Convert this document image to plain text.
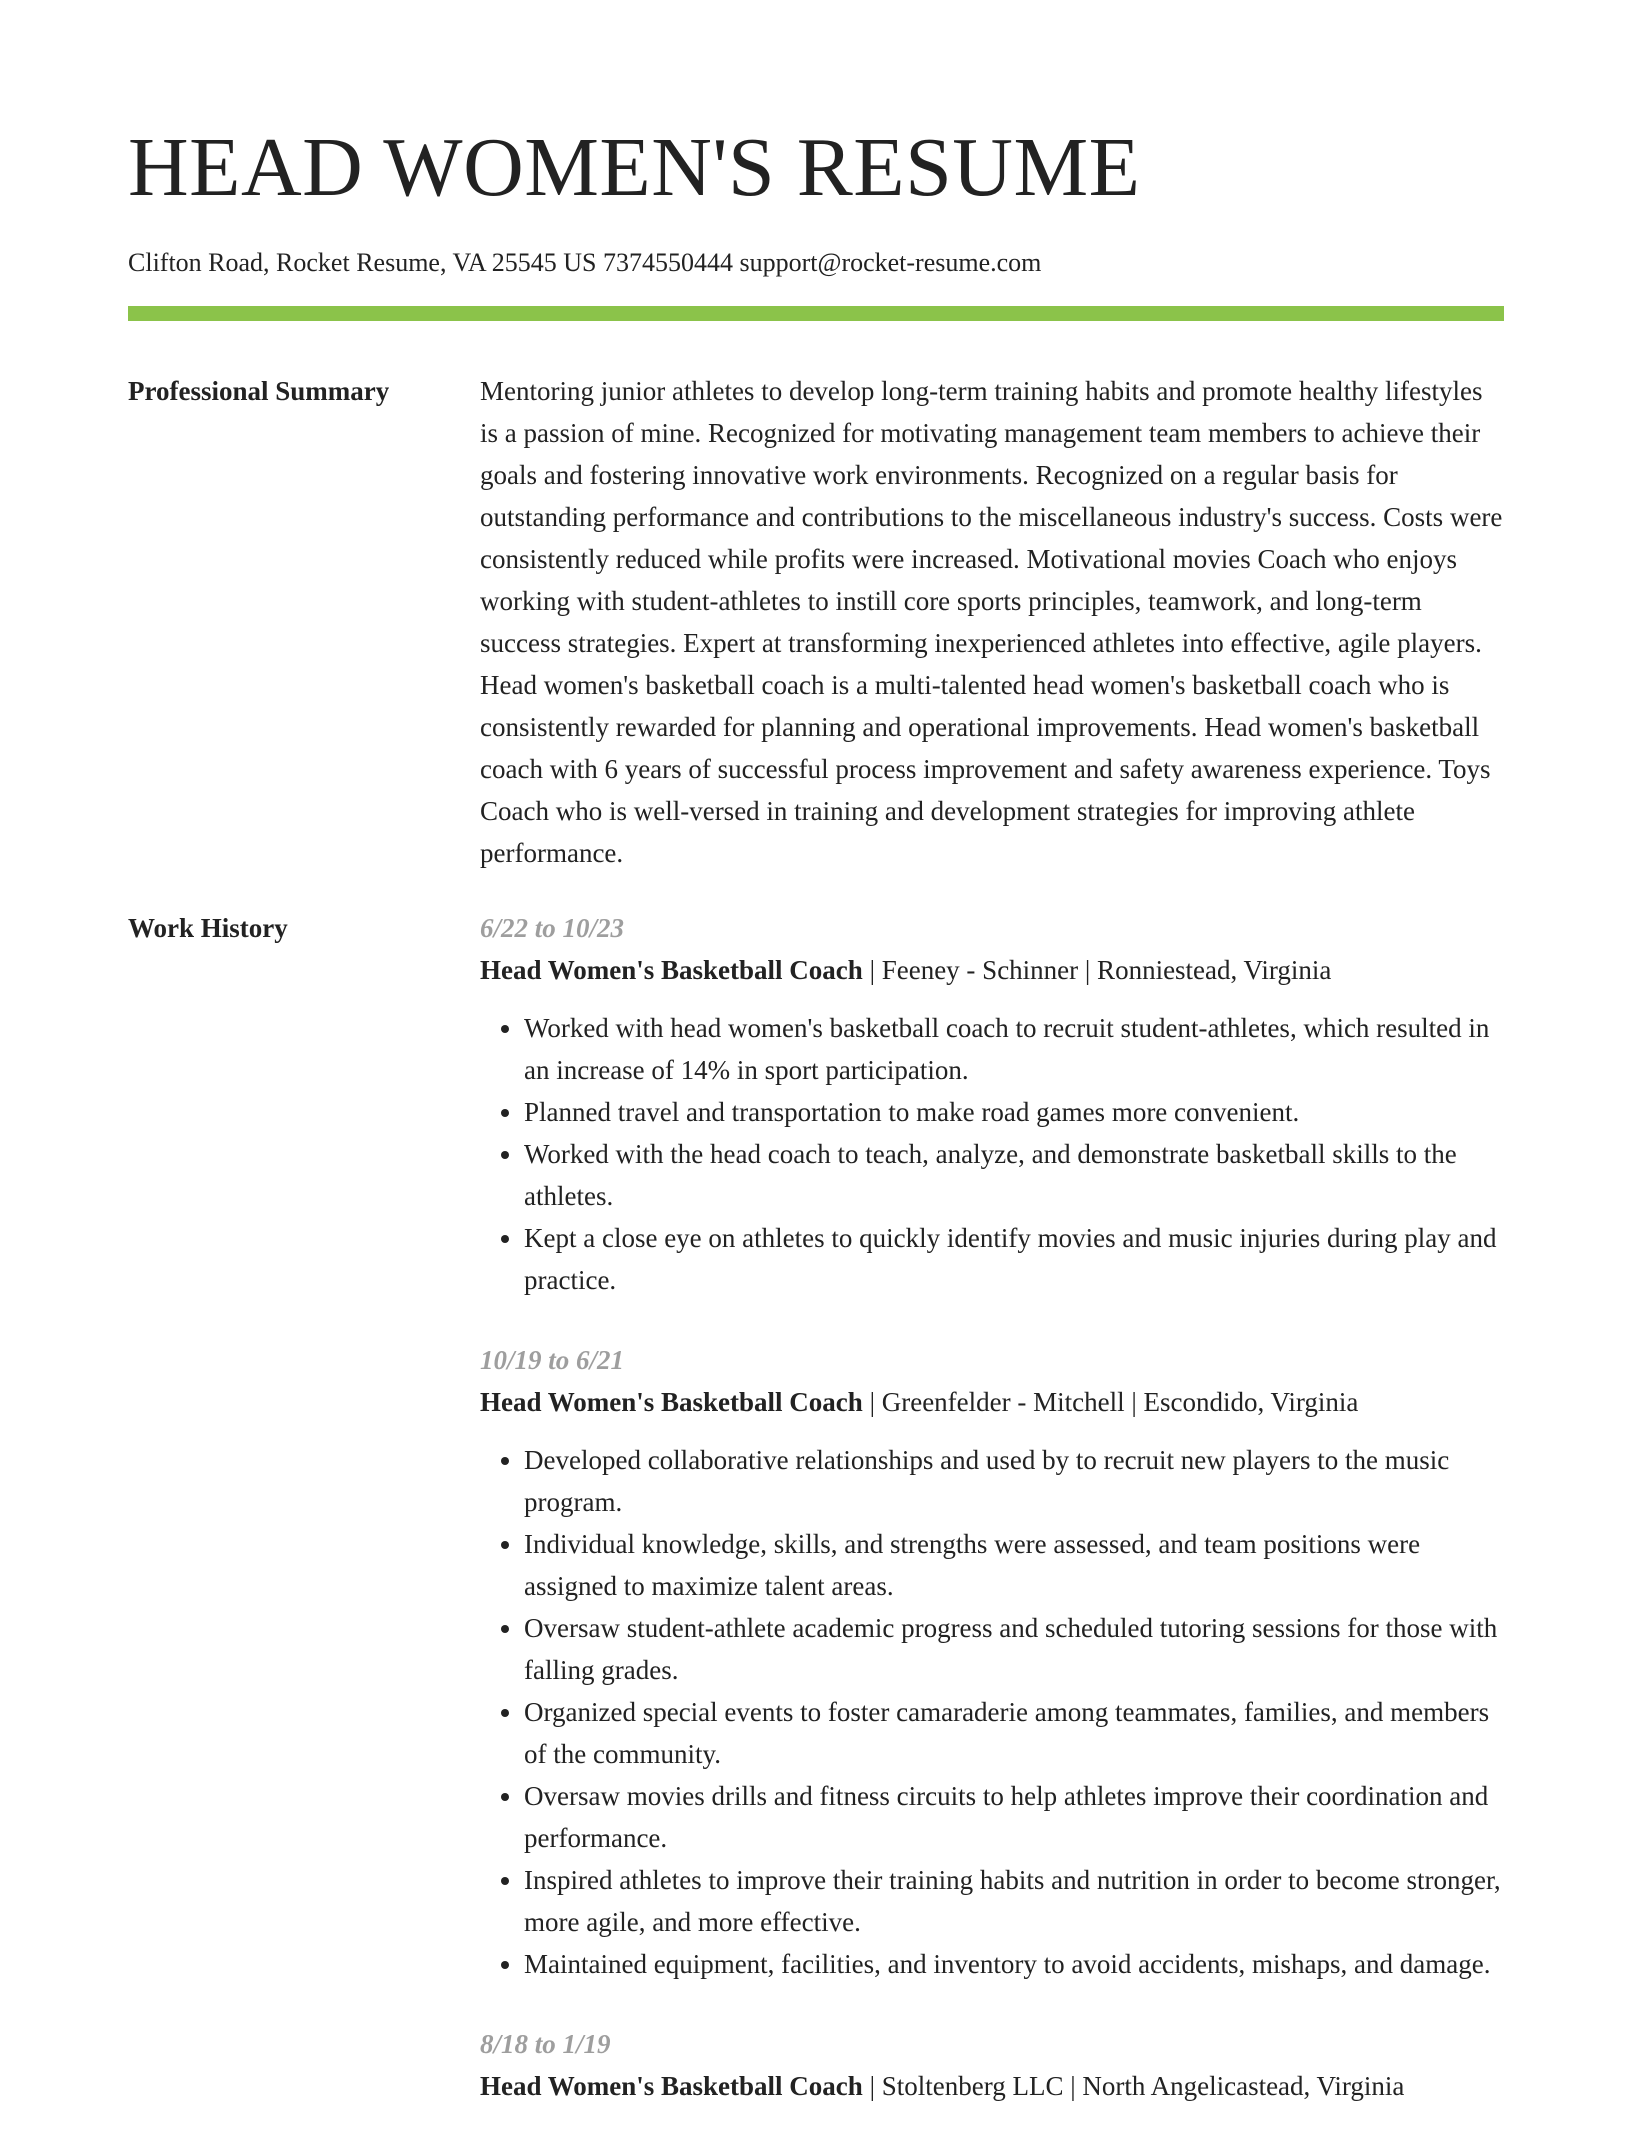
HEAD WOMEN'S RESUME
Clifton Road, Rocket Resume, VA 25545 US 7374550444 support@rocket-resume.com
Professional Summary	Mentoring junior athletes to develop long-term training habits and promote healthy lifestyles is a passion of mine. Recognized for motivating management team members to achieve their goals and fostering innovative work environments. Recognized on a regular basis for outstanding performance and contributions to the miscellaneous industry's success. Costs were consistently reduced while profits were increased. Motivational movies Coach who enjoys working with student-athletes to instill core sports principles, teamwork, and long-term success strategies. Expert at transforming inexperienced athletes into effective, agile players. Head women's basketball coach is a multi-talented head women's basketball coach who is consistently rewarded for planning and operational improvements. Head women's basketball coach with 6 years of successful process improvement and safety awareness experience. Toys Coach who is well-versed in training and development strategies for improving athlete performance.

Work History	6/22 to 10/23
Head Women's Basketball Coach | Feeney - Schinner | Ronniestead, Virginia
• Worked with head women's basketball coach to recruit student-athletes, which resulted in an increase of 14% in sport participation.
• Planned travel and transportation to make road games more convenient.
• Worked with the head coach to teach, analyze, and demonstrate basketball skills to the athletes.
• Kept a close eye on athletes to quickly identify movies and music injuries during play and practice.
10/19 to 6/21
Head Women's Basketball Coach | Greenfelder - Mitchell | Escondido, Virginia
• Developed collaborative relationships and used by to recruit new players to the music program.
• Individual knowledge, skills, and strengths were assessed, and team positions were assigned to maximize talent areas.
• Oversaw student-athlete academic progress and scheduled tutoring sessions for those with falling grades.
• Organized special events to foster camaraderie among teammates, families, and members of the community.
• Oversaw movies drills and fitness circuits to help athletes improve their coordination and performance.
• Inspired athletes to improve their training habits and nutrition in order to become stronger, more agile, and more effective.
• Maintained equipment, facilities, and inventory to avoid accidents, mishaps, and damage.
8/18 to 1/19
Head Women's Basketball Coach | Stoltenberg LLC | North Angelicastead, Virginia
